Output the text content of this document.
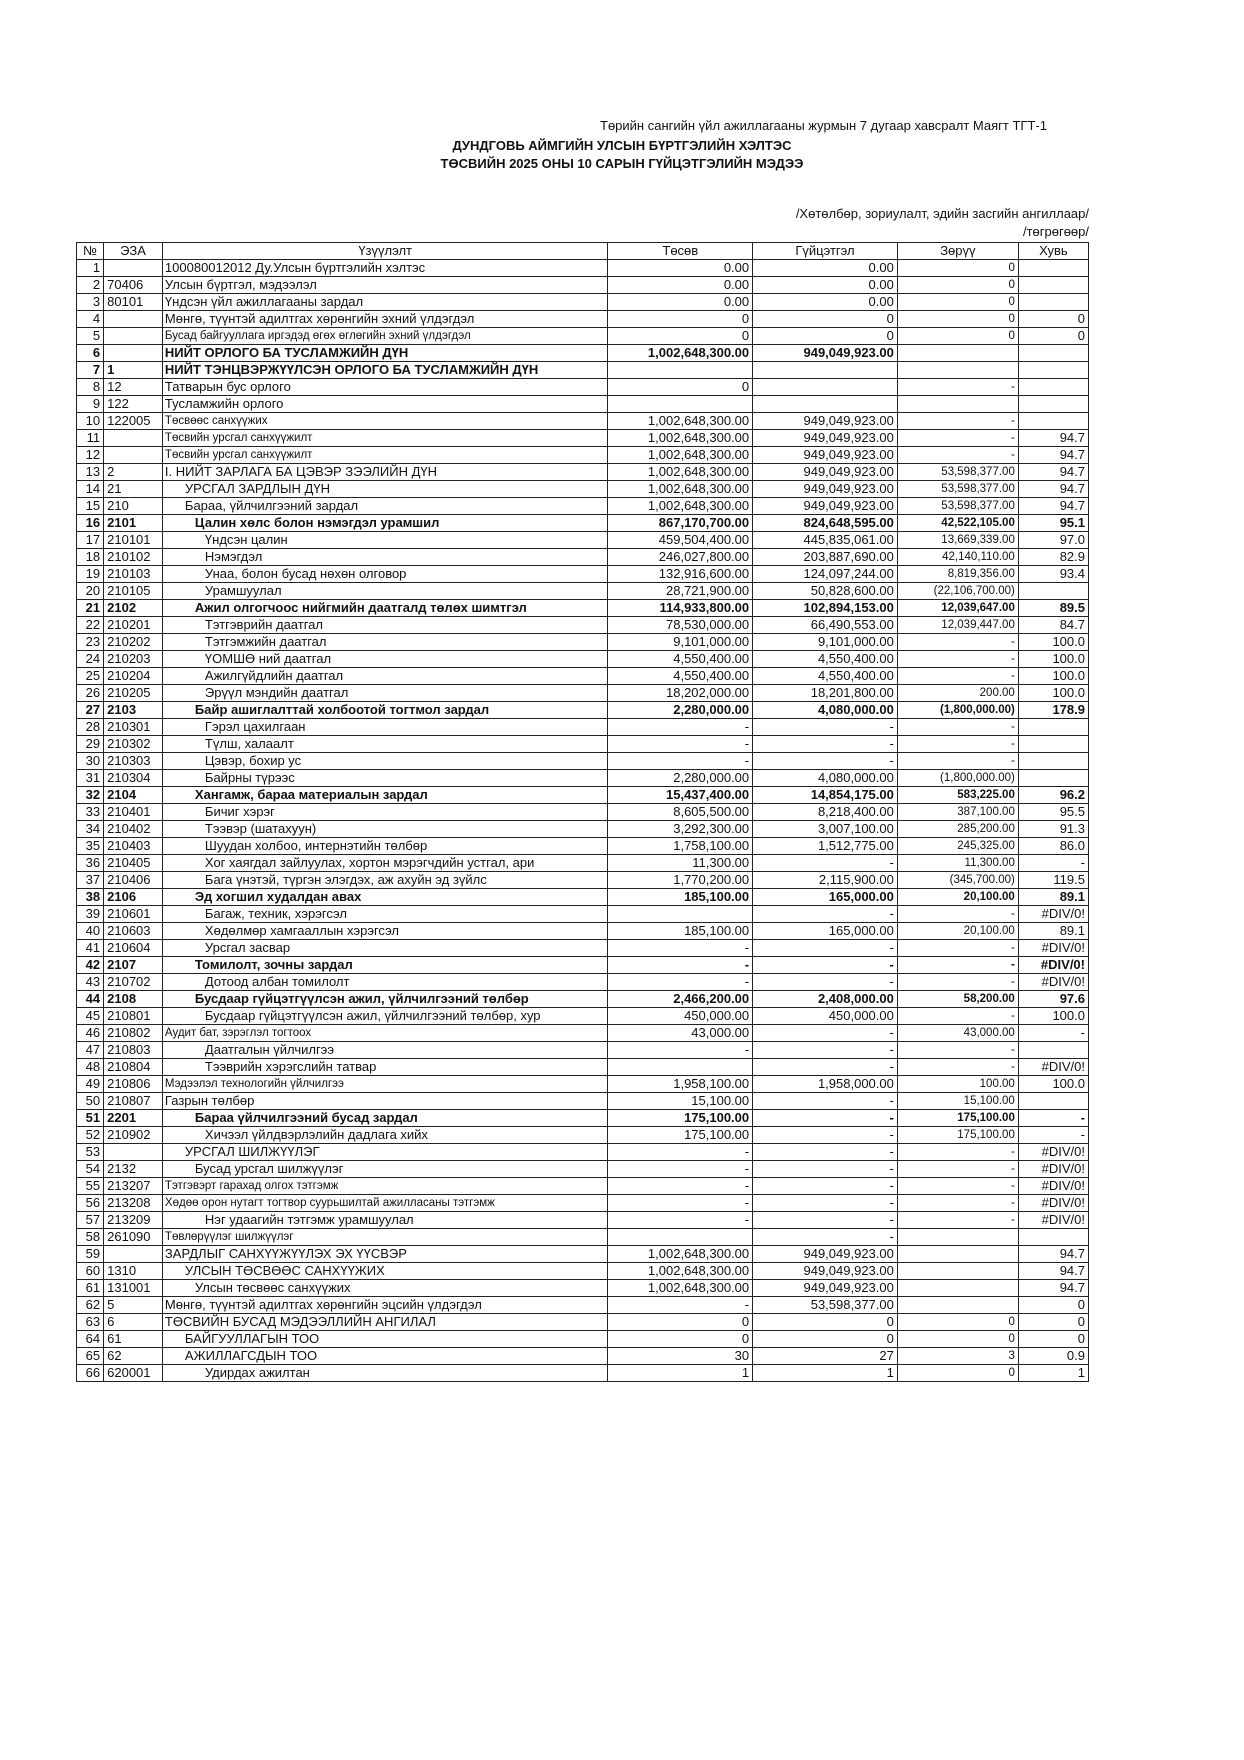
Төрийн сангийн үйл ажиллагааны журмын 7 дугаар хавсралт Маягт ТГТ-1
ДУНДГОВЬ АЙМГИЙН УЛСЫН БҮРТГЭЛИЙН ХЭЛТЭС
ТӨСВИЙН 2025 ОНЫ 10 САРЫН ГҮЙЦЭТГЭЛИЙН МЭДЭЭ
/Хөтөлбөр, зориулалт, эдийн засгийн ангиллаар/
/төгрөгөөр/
№	ЭЗА	Үзүүлэлт	Төсөв	Гүйцэтгэл	Зөрүү	Хувь
1		100080012012 Ду.Улсын бүртгэлийн хэлтэс	0.00	0.00	0	
2	70406	Улсын бүртгэл, мэдээлэл	0.00	0.00	0	
3	80101	Үндсэн үйл ажиллагааны зардал	0.00	0.00	0	
4		Мөнгө, түүнтэй адилтгах хөрөнгийн эхний үлдэгдэл	0	0	0	0
5		Бусад байгууллага иргэдэд өгөх өглөгийн эхний үлдэгдэл	0	0	0	0
6		НИЙТ ОРЛОГО БА ТУСЛАМЖИЙН ДҮН	1,002,648,300.00	949,049,923.00		
7	1	НИЙТ ТЭНЦВЭРЖҮҮЛСЭН ОРЛОГО БА ТУСЛАМЖИЙН ДҮН				
8	12	Татварын бус орлого	0		-	
9	122	Тусламжийн орлого				
10	122005	Төсвөөс санхүүжих	1,002,648,300.00	949,049,923.00	-	
11		Төсвийн урсгал санхүүжилт	1,002,648,300.00	949,049,923.00	-	94.7
12		Төсвийн урсгал санхүүжилт	1,002,648,300.00	949,049,923.00	-	94.7
13	2	I. НИЙТ ЗАРЛАГА БА ЦЭВЭР ЗЭЭЛИЙН ДҮН	1,002,648,300.00	949,049,923.00	53,598,377.00	94.7
14	21	УРСГАЛ ЗАРДЛЫН ДҮН	1,002,648,300.00	949,049,923.00	53,598,377.00	94.7
15	210	Бараа, үйлчилгээний зардал	1,002,648,300.00	949,049,923.00	53,598,377.00	94.7
16	2101	Цалин хөлс болон нэмэгдэл урамшил	867,170,700.00	824,648,595.00	42,522,105.00	95.1
17	210101	Үндсэн цалин	459,504,400.00	445,835,061.00	13,669,339.00	97.0
18	210102	Нэмэгдэл	246,027,800.00	203,887,690.00	42,140,110.00	82.9
19	210103	Унаа, болон бусад нөхөн олговор	132,916,600.00	124,097,244.00	8,819,356.00	93.4
20	210105	Урамшуулал	28,721,900.00	50,828,600.00	(22,106,700.00)	
21	2102	Ажил олгогчоос нийгмийн даатгалд төлөх шимтгэл	114,933,800.00	102,894,153.00	12,039,647.00	89.5
22	210201	Тэтгэврийн даатгал	78,530,000.00	66,490,553.00	12,039,447.00	84.7
23	210202	Тэтгэмжийн даатгал	9,101,000.00	9,101,000.00	-	100.0
24	210203	ҮОМШӨ ний даатгал	4,550,400.00	4,550,400.00	-	100.0
25	210204	Ажилгүйдлийн даатгал	4,550,400.00	4,550,400.00	-	100.0
26	210205	Эрүүл мэндийн даатгал	18,202,000.00	18,201,800.00	200.00	100.0
27	2103	Байр ашиглалттай холбоотой тогтмол зардал	2,280,000.00	4,080,000.00	(1,800,000.00)	178.9
28	210301	Гэрэл цахилгаан	-	-	-	
29	210302	Түлш, халаалт	-	-	-	
30	210303	Цэвэр, бохир ус	-	-	-	
31	210304	Байрны түрээс	2,280,000.00	4,080,000.00	(1,800,000.00)	
32	2104	Хангамж, бараа материалын зардал	15,437,400.00	14,854,175.00	583,225.00	96.2
33	210401	Бичиг хэрэг	8,605,500.00	8,218,400.00	387,100.00	95.5
34	210402	Тээвэр (шатахуун)	3,292,300.00	3,007,100.00	285,200.00	91.3
35	210403	Шуудан холбоо, интернэтийн төлбөр	1,758,100.00	1,512,775.00	245,325.00	86.0
36	210405	Хог хаягдал зайлуулах, хортон мэрэгчдийн устгал, ари	11,300.00	-	11,300.00	-
37	210406	Бага үнэтэй, түргэн элэгдэх, аж ахуйн эд зүйлс	1,770,200.00	2,115,900.00	(345,700.00)	119.5
38	2106	Эд хогшил худалдан авах	185,100.00	165,000.00	20,100.00	89.1
39	210601	Багаж, техник, хэрэгсэл		-	-	#DIV/0!
40	210603	Хөдөлмөр хамгааллын хэрэгсэл	185,100.00	165,000.00	20,100.00	89.1
41	210604	Урсгал засвар	-	-	-	#DIV/0!
42	2107	Томилолт, зочны зардал	-	-	-	#DIV/0!
43	210702	Дотоод албан томилолт	-	-	-	#DIV/0!
44	2108	Бусдаар гүйцэтгүүлсэн ажил, үйлчилгээний төлбөр	2,466,200.00	2,408,000.00	58,200.00	97.6
45	210801	Бусдаар гүйцэтгүүлсэн ажил, үйлчилгээний төлбөр, хур	450,000.00	450,000.00	-	100.0
46	210802	Аудит бат, зэрэглэл тогтоох	43,000.00	-	43,000.00	-
47	210803	Даатгалын үйлчилгээ	-	-	-	
48	210804	Тээврийн хэрэгслийн татвар		-	-	#DIV/0!
49	210806	Мэдээлэл технологийн үйлчилгээ	1,958,100.00	1,958,000.00	100.00	100.0
50	210807	Газрын төлбөр	15,100.00	-	15,100.00	
51	2201	Бараа үйлчилгээний бусад зардал	175,100.00	-	175,100.00	-
52	210902	Хичээл үйлдвэрлэлийн дадлага хийх	175,100.00	-	175,100.00	-
53		УРСГАЛ ШИЛЖҮҮЛЭГ	-	-	-	#DIV/0!
54	2132	Бусад урсгал шилжүүлэг	-	-	-	#DIV/0!
55	213207	Тэтгэвэрт гарахад олгох тэтгэмж	-	-	-	#DIV/0!
56	213208	Хөдөө орон нутагт тогтвор суурьшилтай ажилласаны тэтгэмж	-	-	-	#DIV/0!
57	213209	Нэг удаагийн тэтгэмж урамшуулал	-	-	-	#DIV/0!
58	261090	Төвлөрүүлэг шилжүүлэг		-		
59		ЗАРДЛЫГ САНХҮҮЖҮҮЛЭХ ЭХ ҮҮСВЭР	1,002,648,300.00	949,049,923.00		94.7
60	1310	УЛСЫН ТӨСВӨӨС САНХҮҮЖИХ	1,002,648,300.00	949,049,923.00		94.7
61	131001	Улсын төсвөөс санхүүжих	1,002,648,300.00	949,049,923.00		94.7
62	5	Мөнгө, түүнтэй адилтгах хөрөнгийн эцсийн үлдэгдэл	-	53,598,377.00		0
63	6	ТӨСВИЙН БУСАД МЭДЭЭЛЛИЙН АНГИЛАЛ	0	0	0	0
64	61	БАЙГУУЛЛАГЫН ТОО	0	0	0	0
65	62	АЖИЛЛАГСДЫН ТОО	30	27	3	0.9
66	620001	Удирдах ажилтан	1	1	0	1
